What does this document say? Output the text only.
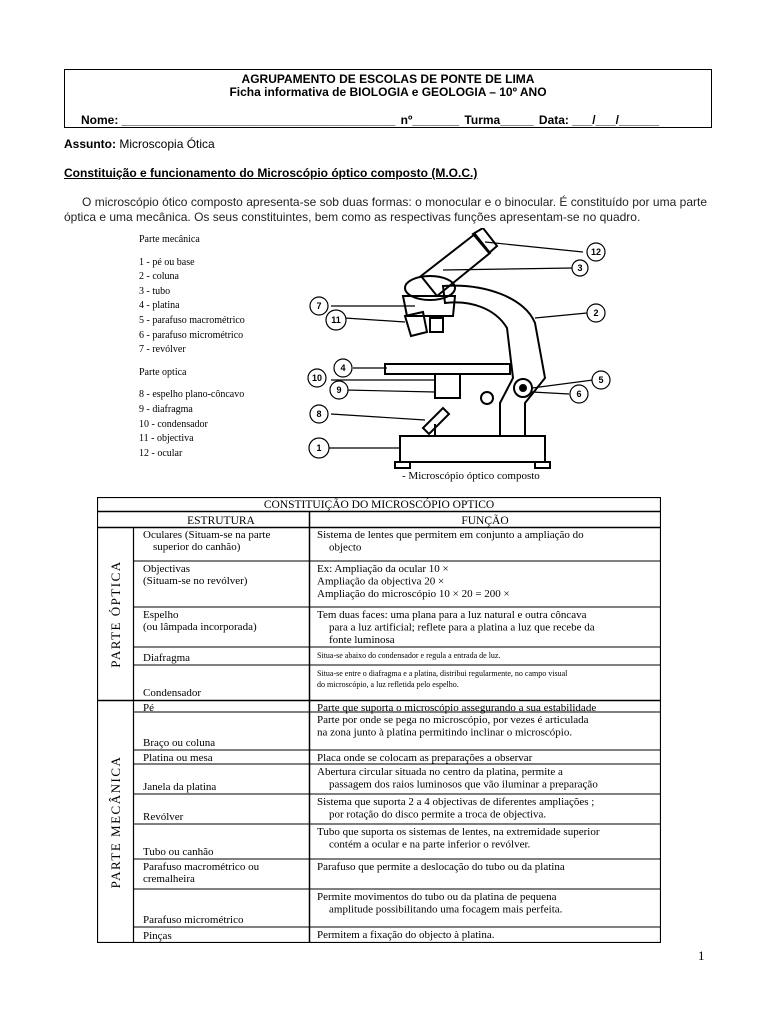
AGRUPAMENTO DE ESCOLAS DE PONTE DE LIMA
Ficha informativa de BIOLOGIA e GEOLOGIA – 10º ANO
Nome: _________________________________________ nº_______ Turma_____ Data: ___/___/______
Assunto: Microscopia Ótica
Constituição e funcionamento do Microscópio óptico composto (M.O.C.)
O microscópio ótico composto apresenta-se sob duas formas: o monocular e o binocular. É constituído por uma parte óptica e uma mecânica. Os seus constituintes, bem como as respectivas funções apresentam-se no quadro.
Parte mecânica
1 - pé ou base
2 - coluna
3 - tubo
4 - platina
5 - parafuso macrométrico
6 - parafuso micrométrico
7 - revólver
Parte optica
8 - espelho plano-côncavo
9 - diafragma
10 - condensador
11 - objectiva
12 - ocular
12
3
2
7
11
4
10
9
8
1
5
6
- Microscópio óptico composto
CONSTITUIÇÃO DO MICROSCÓPIO OPTICO
ESTRUTURA	FUNÇÃO
PARTE ÓPTICA
PARTE MECÂNICA
Sistema de lentes que permitem em conjunto a ampliação do
objecto
Oculares (Situam-se na parte
superior do canhão)
Ex: Ampliação da ocular 10 ×
Ampliação da objectiva 20 ×
Ampliação do microscópio 10 × 20 = 200 ×
Objectivas
(Situam-se no revólver)
Tem duas faces: uma plana para a luz natural e outra côncava
para a luz artificial; reflete para a platina a luz que recebe da
fonte luminosa
Espelho
(ou lâmpada incorporada)
Situa-se abaixo do condensador e regula a entrada de luz.
Diafragma
Situa-se entre o diafragma e a platina, distribui regularmente, no campo visual
do microscópio, a luz refletida pelo espelho.
Condensador
Parte que suporta o microscópio assegurando a sua estabilidade
Pé
Parte por onde se pega no microscópio, por vezes é articulada
na zona junto à platina permitindo inclinar o microscópio.
Braço ou coluna
Placa onde se colocam as preparações a observar
Platina ou mesa
Abertura circular situada no centro da platina, permite a
passagem dos raios luminosos que vão iluminar a preparação
Janela da platina
Sistema que suporta 2 a 4 objectivas de diferentes ampliações ;
por rotação do disco permite a troca de objectiva.
Revólver
Tubo que suporta os sistemas de lentes, na extremidade superior
contém a ocular e na parte inferior o revólver.
Tubo ou canhão
Parafuso que permite a deslocação do tubo ou da platina
Parafuso macrométrico ou
cremalheira
Permite movimentos do tubo ou da platina de pequena
amplitude possibilitando uma focagem mais perfeita.
Parafuso micrométrico
Permitem a fixação do objecto à platina.
Pinças
1
